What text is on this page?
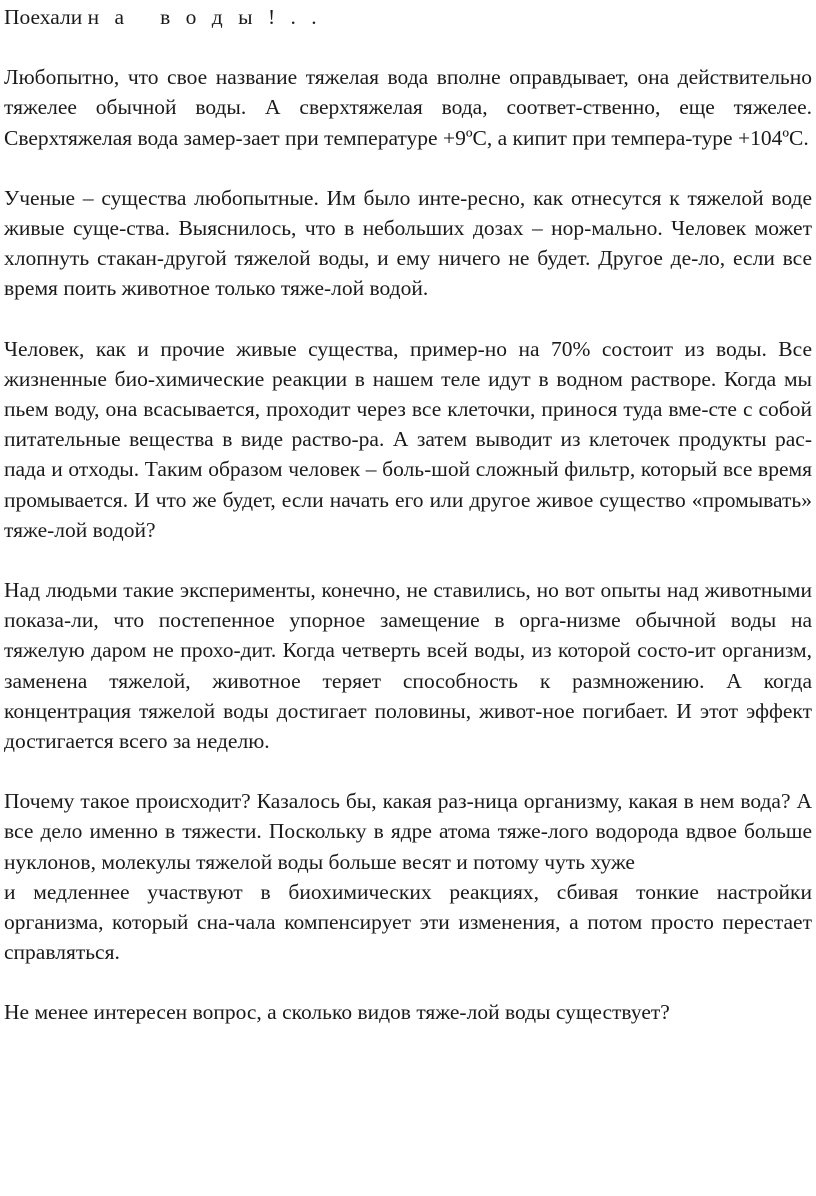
Поехали н а   в о д ы ! . .

Любопытно, что свое название тяжелая вода вполне оправдывает, она действительно тяжелее обычной воды. А сверхтяжелая вода, соответ-ственно, еще тяжелее. Сверхтяжелая вода замер-зает при температуре +9ºС, а кипит при темпера-туре +104ºС.

Ученые – существа любопытные. Им было инте-ресно, как отнесутся к тяжелой воде живые суще-ства. Выяснилось, что в небольших дозах – нор-мально. Человек может хлопнуть стакан-другой тяжелой воды, и ему ничего не будет. Другое де-ло, если все время поить животное только тяже-лой водой.

Человек, как и прочие живые существа, пример-но на 70% состоит из воды. Все жизненные био-химические реакции в нашем теле идут в водном растворе. Когда мы пьем воду, она всасывается, проходит через все клеточки, принося туда вме-сте с собой питательные вещества в виде раство-ра. А затем выводит из клеточек продукты рас-пада и отходы. Таким образом человек – боль-шой сложный фильтр, который все время промывается. И что же будет, если начать его или другое живое существо «промывать» тяже-лой водой?

Над людьми такие эксперименты, конечно, не ставились, но вот опыты над животными показа-ли, что постепенное упорное замещение в орга-низме обычной воды на тяжелую даром не прохо-дит. Когда четверть всей воды, из которой состо-ит организм, заменена тяжелой, животное теряет способность к размножению. А когда концентрация тяжелой воды достигает половины, живот-ное погибает. И этот эффект достигается всего за неделю.

Почему такое происходит? Казалось бы, какая раз-ница организму, какая в нем вода? А все дело именно в тяжести. Поскольку в ядре атома тяже-лого водорода вдвое больше нуклонов, молекулы тяжелой воды больше весят и потому чуть хуже
и медленнее участвуют в биохимических реакциях, сбивая тонкие настройки организма, который сна-чала компенсирует эти изменения, а потом просто перестает справляться.

Не менее интересен вопрос, а сколько видов тяже-лой воды существует?
